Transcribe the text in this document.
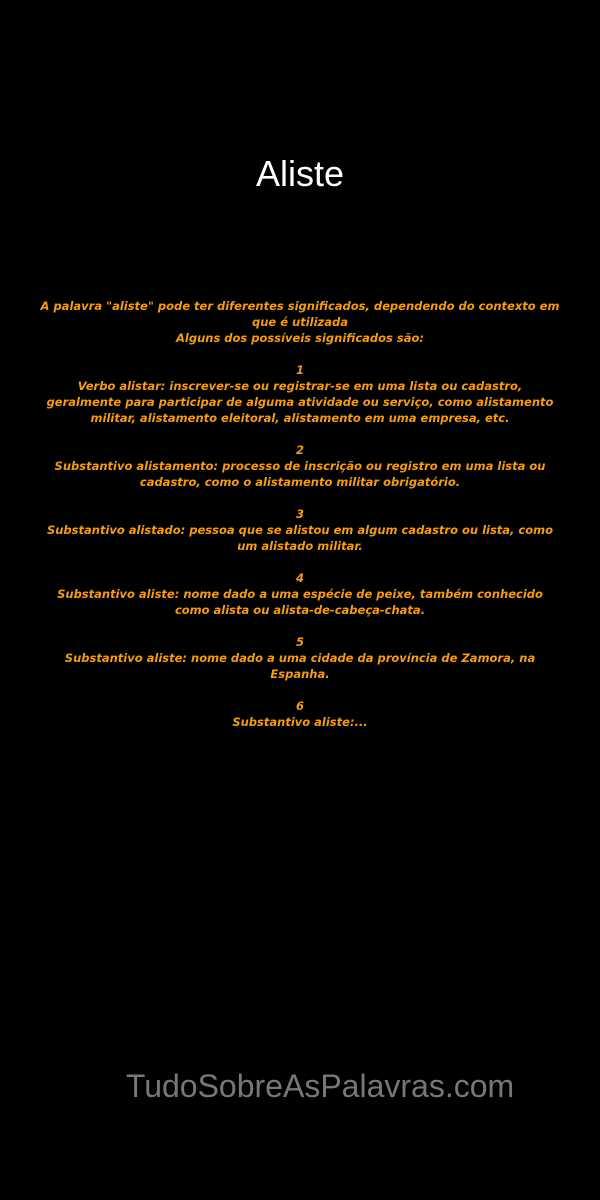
Aliste

A palavra "aliste" pode ter diferentes significados, dependendo do contexto em que é utilizada

Alguns dos possíveis significados são:

1

Verbo alistar: inscrever-se ou registrar-se em uma lista ou cadastro, geralmente para participar de alguma atividade ou serviço, como alistamento militar, alistamento eleitoral, alistamento em uma empresa, etc.

2

Substantivo alistamento: processo de inscrição ou registro em uma lista ou cadastro, como o alistamento militar obrigatório.

3

Substantivo alistado: pessoa que se alistou em algum cadastro ou lista, como um alistado militar.

4

Substantivo aliste: nome dado a uma espécie de peixe, também conhecido como alista ou alista-de-cabeça-chata.

5

Substantivo aliste: nome dado a uma cidade da província de Zamora, na Espanha.

6

Substantivo aliste:...

TudoSobreAsPalavras.com
